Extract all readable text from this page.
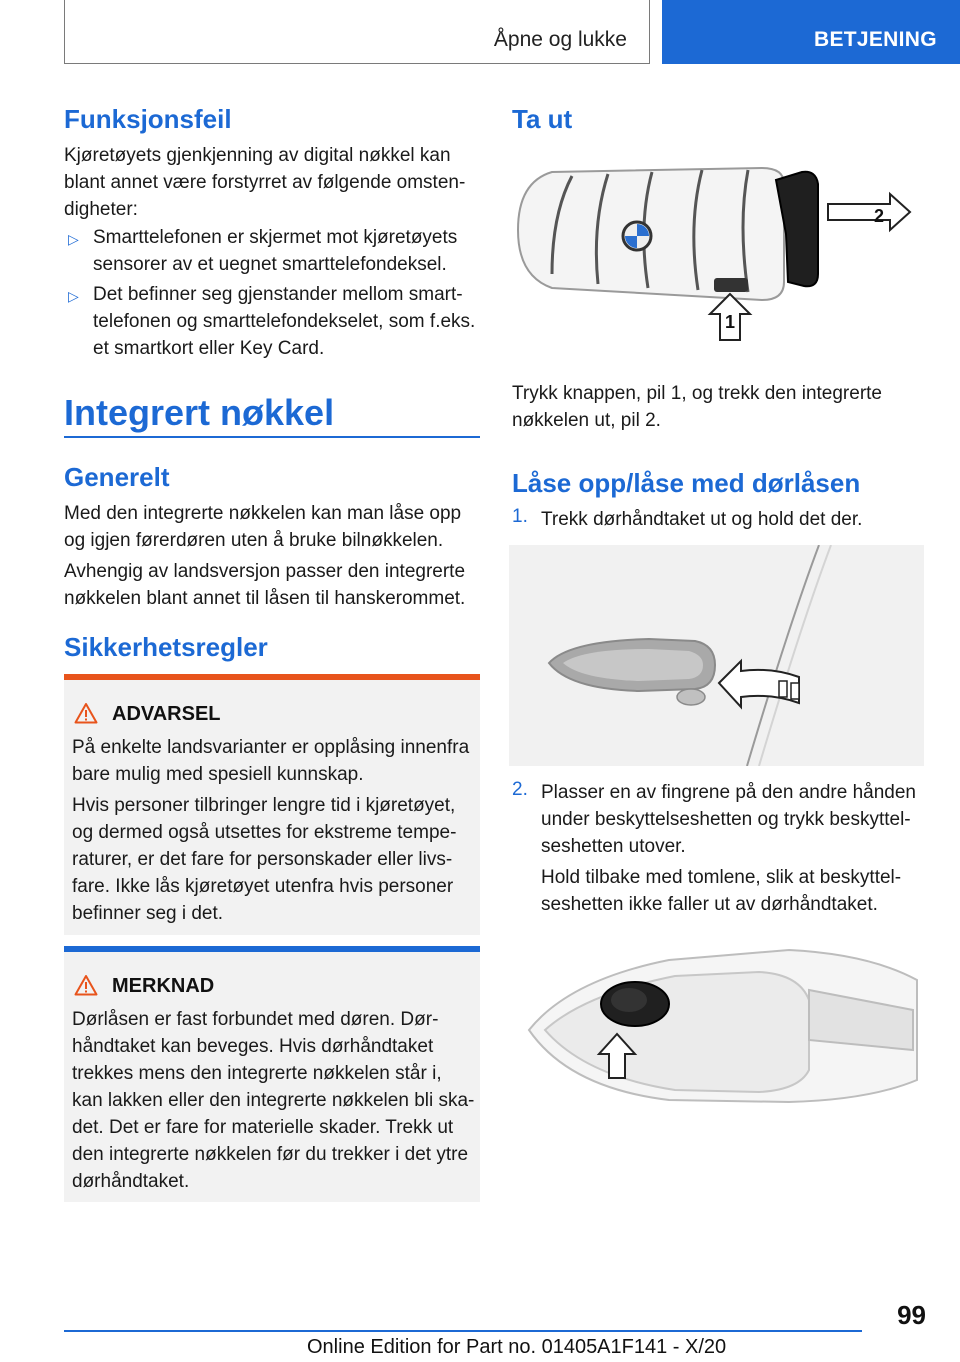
Åpne og lukke	BETJENING
Funksjonsfeil
Kjøretøyets gjenkjenning av digital nøkkel kan
blant annet være forstyrret av følgende omsten‐
digheter:
▷ Smarttelefonen er skjermet mot kjøretøyets
sensorer av et uegnet smarttelefondeksel.
▷ Det befinner seg gjenstander mellom smart‐
telefonen og smarttelefondekselet, som f.eks.
et smartkort eller Key Card.
Integrert nøkkel
Generelt
Med den integrerte nøkkelen kan man låse opp
og igjen førerdøren uten å bruke bilnøkkelen.
Avhengig av landsversjon passer den integrerte
nøkkelen blant annet til låsen til hanskerommet.
Sikkerhetsregler
ADVARSEL
På enkelte landsvarianter er opplåsing innenfra
bare mulig med spesiell kunnskap.
Hvis personer tilbringer lengre tid i kjøretøyet,
og dermed også utsettes for ekstreme tempe‐
raturer, er det fare for personskader eller livs‐
fare. Ikke lås kjøretøyet utenfra hvis personer
befinner seg i det.
MERKNAD
Dørlåsen er fast forbundet med døren. Dør‐
håndtaket kan beveges. Hvis dørhåndtaket
trekkes mens den integrerte nøkkelen står i,
kan lakken eller den integrerte nøkkelen bli ska‐
det. Det er fare for materielle skader. Trekk ut
den integrerte nøkkelen før du trekker i det ytre
dørhåndtaket.
Ta ut
2
1
Trykk knappen, pil 1, og trekk den integrerte
nøkkelen ut, pil 2.
Låse opp/låse med dørlåsen
1. Trekk dørhåndtaket ut og hold det der.
2. Plasser en av fingrene på den andre hånden
under beskyttelseshetten og trykk beskyttel‐
seshetten utover.
Hold tilbake med tomlene, slik at beskyttel‐
seshetten ikke faller ut av dørhåndtaket.
99
Online Edition for Part no. 01405A1F141 - X/20
